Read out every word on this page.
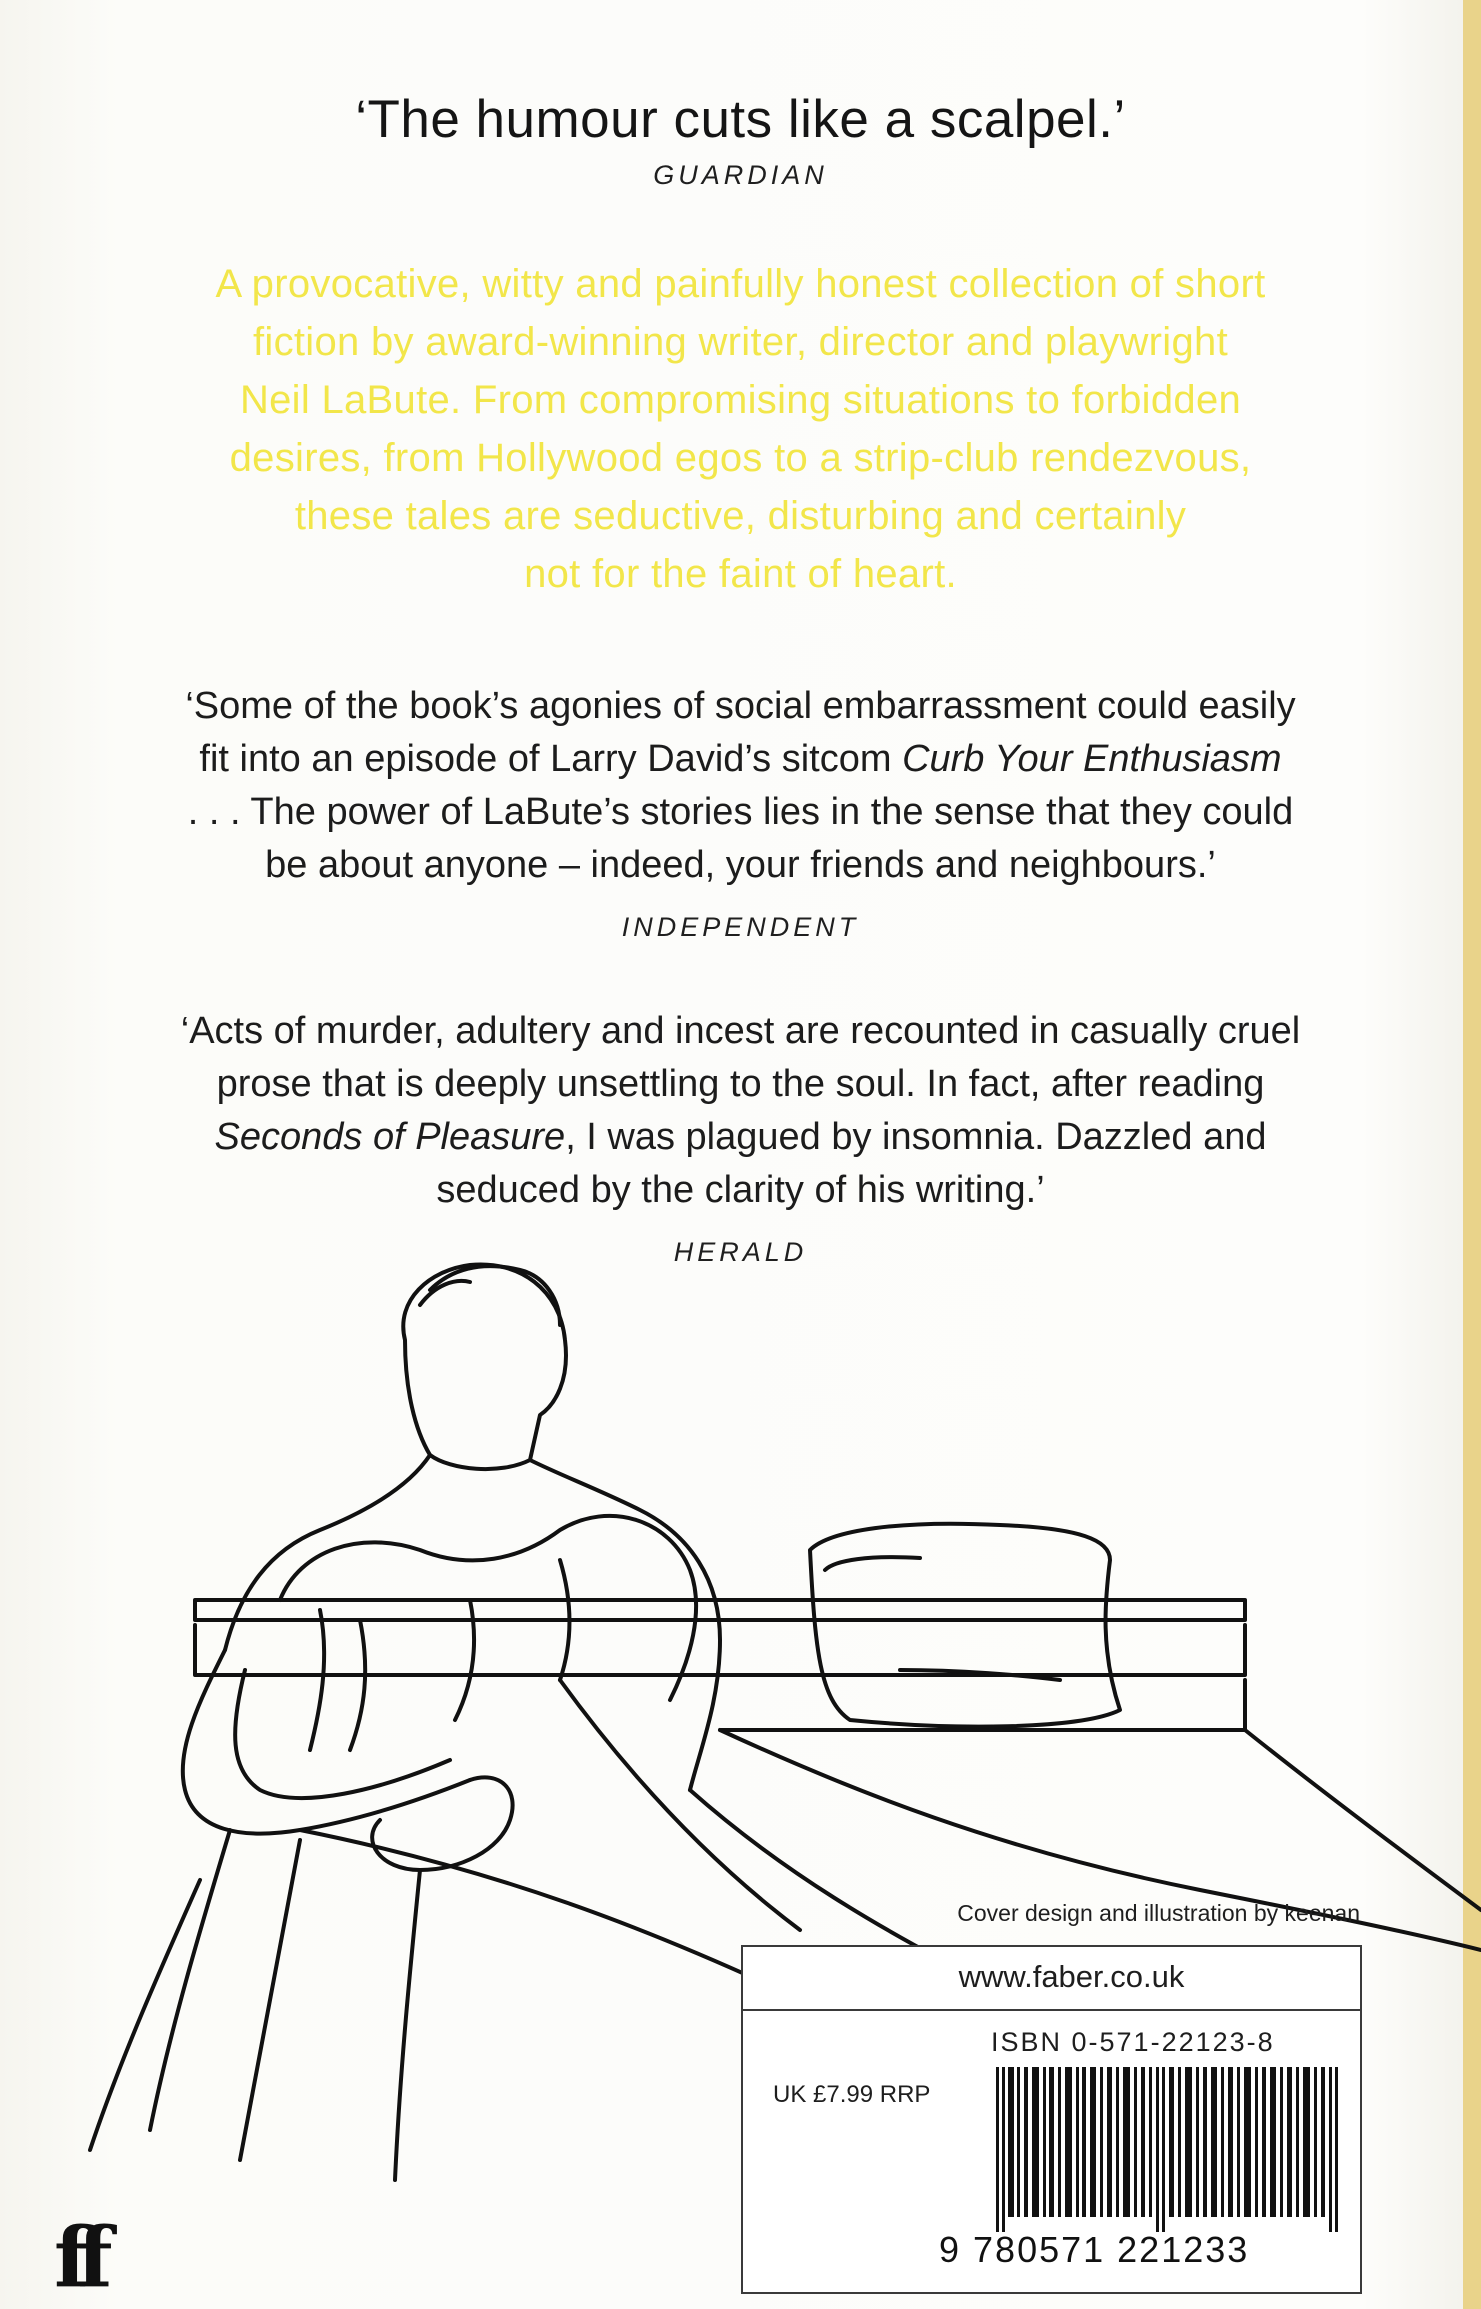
‘The humour cuts like a scalpel.’
GUARDIAN
A provocative, witty and painfully honest collection of short
fiction by award-winning writer, director and playwright
Neil LaBute. From compromising situations to forbidden
desires, from Hollywood egos to a strip-club rendezvous,
these tales are seductive, disturbing and certainly
not for the faint of heart.
‘Some of the book’s agonies of social embarrassment could easily
fit into an episode of Larry David’s sitcom Curb Your Enthusiasm
. . . The power of LaBute’s stories lies in the sense that they could
be about anyone – indeed, your friends and neighbours.’
INDEPENDENT
‘Acts of murder, adultery and incest are recounted in casually cruel
prose that is deeply unsettling to the soul. In fact, after reading
Seconds of Pleasure, I was plagued by insomnia. Dazzled and
seduced by the clarity of his writing.’
HERALD
Cover design and illustration by keenan
www.faber.co.uk
ISBN 0-571-22123-8
UK £7.99 RRP
9 780571 221233
ff
